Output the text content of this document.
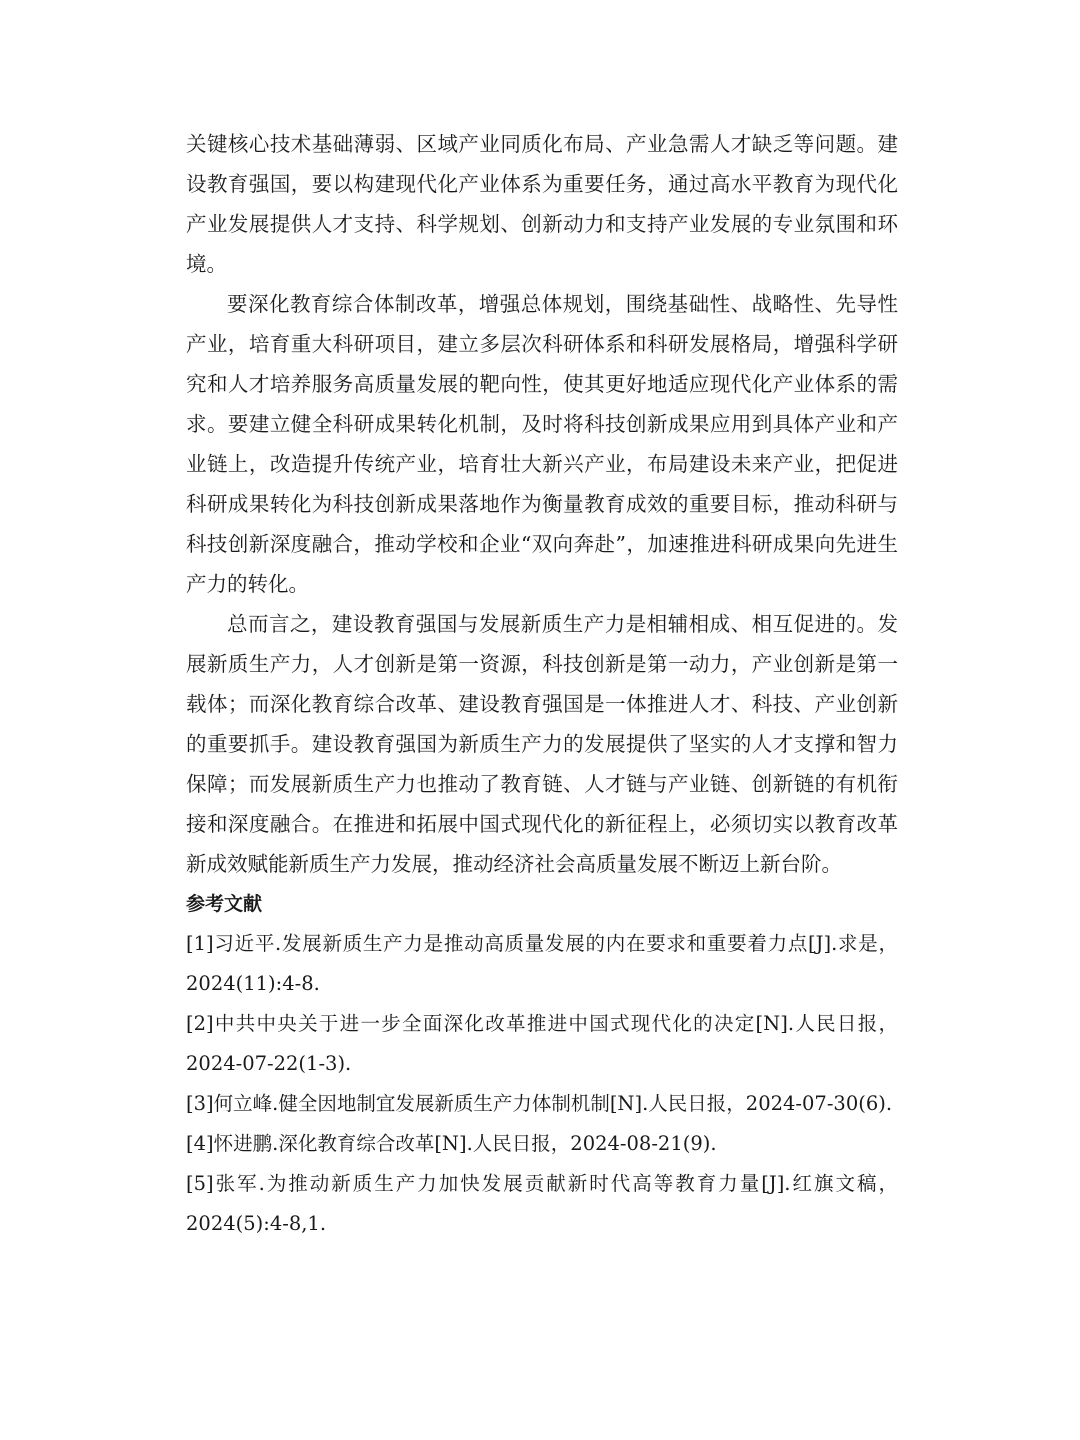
关键核心技术基础薄弱、区域产业同质化布局、产业急需人才缺乏等问题。建设教育强国，要以构建现代化产业体系为重要任务，通过高水平教育为现代化产业发展提供人才支持、科学规划、创新动力和支持产业发展的专业氛围和环境。

要深化教育综合体制改革，增强总体规划，围绕基础性、战略性、先导性产业，培育重大科研项目，建立多层次科研体系和科研发展格局，增强科学研究和人才培养服务高质量发展的靶向性，使其更好地适应现代化产业体系的需求。要建立健全科研成果转化机制，及时将科技创新成果应用到具体产业和产业链上，改造提升传统产业，培育壮大新兴产业，布局建设未来产业，把促进科研成果转化为科技创新成果落地作为衡量教育成效的重要目标，推动科研与科技创新深度融合，推动学校和企业“双向奔赴”，加速推进科研成果向先进生产力的转化。

总而言之，建设教育强国与发展新质生产力是相辅相成、相互促进的。发展新质生产力，人才创新是第一资源，科技创新是第一动力，产业创新是第一载体；而深化教育综合改革、建设教育强国是一体推进人才、科技、产业创新的重要抓手。建设教育强国为新质生产力的发展提供了坚实的人才支撑和智力保障；而发展新质生产力也推动了教育链、人才链与产业链、创新链的有机衔接和深度融合。在推进和拓展中国式现代化的新征程上，必须切实以教育改革新成效赋能新质生产力发展，推动经济社会高质量发展不断迈上新台阶。

参考文献
[1]习近平.发展新质生产力是推动高质量发展的内在要求和重要着力点[J].求是，2024(11):4-8.
[2]中共中央关于进一步全面深化改革推进中国式现代化的决定[N].人民日报，2024-07-22(1-3).
[3]何立峰.健全因地制宜发展新质生产力体制机制[N].人民日报，2024-07-30(6).
[4]怀进鹏.深化教育综合改革[N].人民日报，2024-08-21(9).
[5]张军.为推动新质生产力加快发展贡献新时代高等教育力量[J].红旗文稿，2024(5):4-8,1.
